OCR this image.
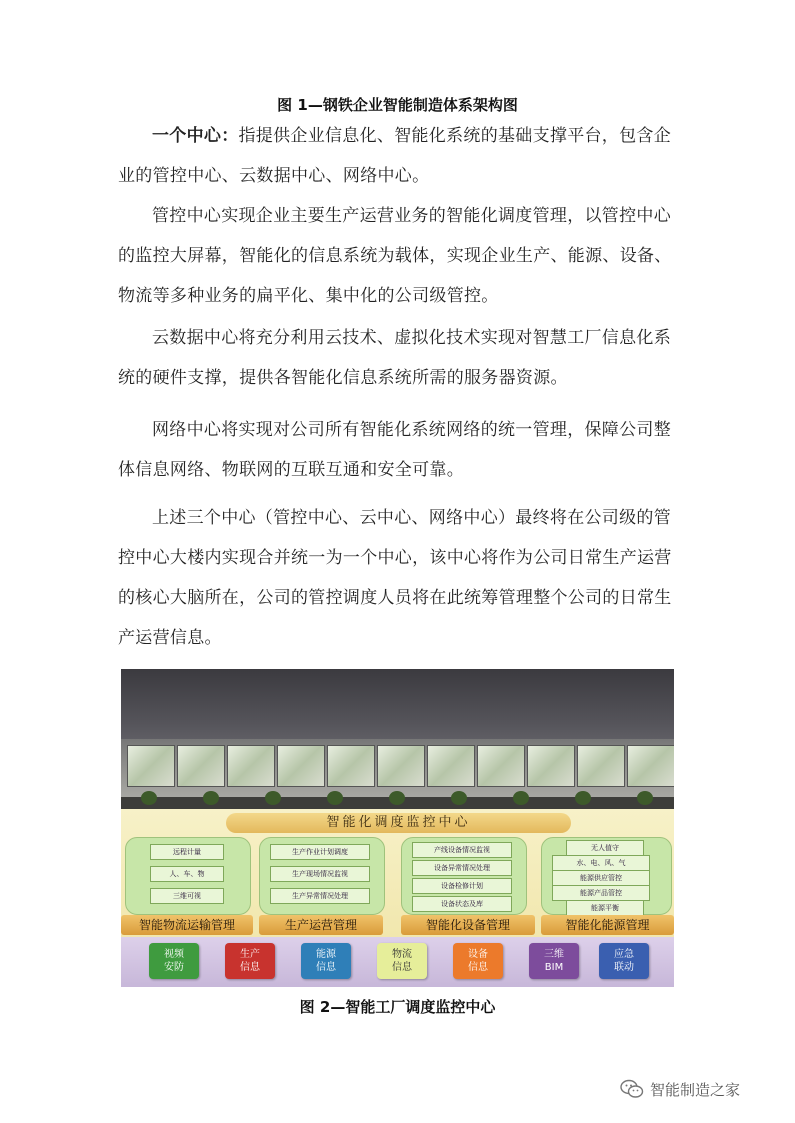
图 1—钢铁企业智能制造体系架构图

一个中心：指提供企业信息化、智能化系统的基础支撑平台，包含企业的管控中心、云数据中心、网络中心。

管控中心实现企业主要生产运营业务的智能化调度管理，以管控中心的监控大屏幕，智能化的信息系统为载体，实现企业生产、能源、设备、物流等多种业务的扁平化、集中化的公司级管控。

云数据中心将充分利用云技术、虚拟化技术实现对智慧工厂信息化系统的硬件支撑，提供各智能化信息系统所需的服务器资源。

网络中心将实现对公司所有智能化系统网络的统一管理，保障公司整体信息网络、物联网的互联互通和安全可靠。

上述三个中心（管控中心、云中心、网络中心）最终将在公司级的管控中心大楼内实现合并统一为一个中心，该中心将作为公司日常生产运营的核心大脑所在，公司的管控调度人员将在此统筹管理整个公司的日常生产运营信息。

智能化调度监控中心
远程计量
人、车、物
三维可视
生产作业计划调度
生产现场情况监视
生产异常情况处理
产线设备情况监视
设备异常情况处理
设备检修计划
设备状态及库
无人值守
水、电、风、气
能源供应管控
能源产品管控
能源平衡
智能物流运输管理	生产运营管理	智能化设备管理	智能化能源管理
视频
安防
生产
信息
能源
信息
物流
信息
设备
信息
三维
BIM
应急
联动
图 2—智能工厂调度监控中心
智能制造之家
